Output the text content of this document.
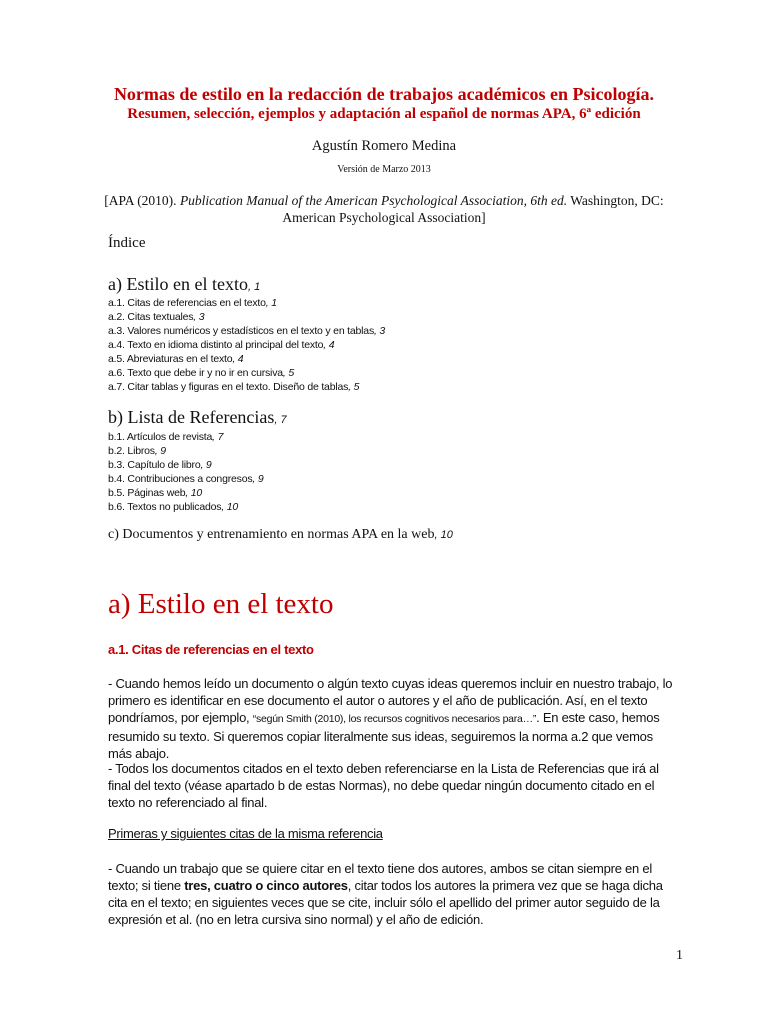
Normas de estilo en la redacción de trabajos académicos en Psicología.
Resumen, selección, ejemplos y adaptación al español de normas APA, 6ª edición
Agustín Romero Medina
Versión de Marzo 2013
[APA (2010). Publication Manual of the American Psychological Association, 6th ed. Washington, DC:
American Psychological Association]
Índice
a) Estilo en el texto, 1
a.1. Citas de referencias en el texto, 1
a.2. Citas textuales, 3
a.3. Valores numéricos y estadísticos en el texto y en tablas, 3
a.4. Texto en idioma distinto al principal del texto, 4
a.5. Abreviaturas en el texto, 4
a.6. Texto que debe ir y no ir en cursiva, 5
a.7. Citar tablas y figuras en el texto. Diseño de tablas, 5
b) Lista de Referencias, 7
b.1. Artículos de revista, 7
b.2. Libros, 9
b.3. Capítulo de libro, 9
b.4. Contribuciones a congresos, 9
b.5. Páginas web, 10
b.6. Textos no publicados, 10
c) Documentos y entrenamiento en normas APA en la web, 10
a) Estilo en el texto
a.1. Citas de referencias en el texto
- Cuando hemos leído un documento o algún texto cuyas ideas queremos incluir en nuestro trabajo, lo
primero es identificar en ese documento el autor o autores y el año de publicación. Así, en el texto
pondríamos, por ejemplo, “según Smith (2010), los recursos cognitivos necesarios para…”. En este caso, hemos
resumido su texto. Si queremos copiar literalmente sus ideas, seguiremos la norma a.2 que vemos
más abajo.
- Todos los documentos citados en el texto deben referenciarse en la Lista de Referencias que irá al
final del texto (véase apartado b de estas Normas), no debe quedar ningún documento citado en el
texto no referenciado al final.
Primeras y siguientes citas de la misma referencia
- Cuando un trabajo que se quiere citar en el texto tiene dos autores, ambos se citan siempre en el
texto; si tiene tres, cuatro o cinco autores, citar todos los autores la primera vez que se haga dicha
cita en el texto; en siguientes veces que se cite, incluir sólo el apellido del primer autor seguido de la
expresión et al. (no en letra cursiva sino normal) y el año de edición.
1
